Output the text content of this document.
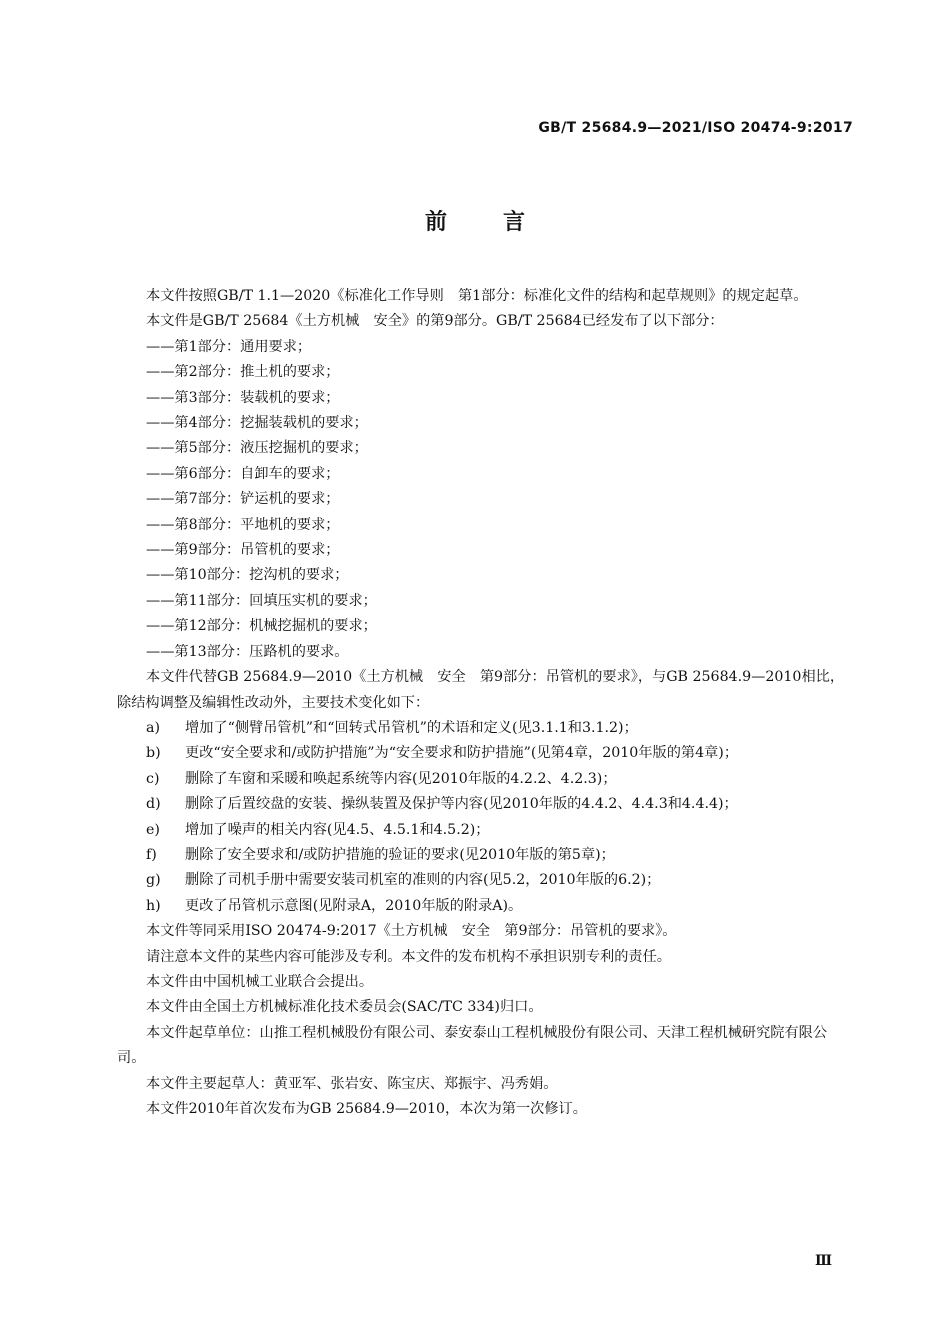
GB/T 25684.9—2021/ISO 20474-9:2017
前	言

本文件按照GB/T 1.1—2020《标准化工作导则　第1部分：标准化文件的结构和起草规则》的规定起草。

本文件是GB/T 25684《土方机械　安全》的第9部分。GB/T 25684已经发布了以下部分：

——第1部分：通用要求；

——第2部分：推土机的要求；

——第3部分：装载机的要求；

——第4部分：挖掘装载机的要求；

——第5部分：液压挖掘机的要求；

——第6部分：自卸车的要求；

——第7部分：铲运机的要求；

——第8部分：平地机的要求；

——第9部分：吊管机的要求；

——第10部分：挖沟机的要求；

——第11部分：回填压实机的要求；

——第12部分：机械挖掘机的要求；

——第13部分：压路机的要求。

本文件代替GB 25684.9—2010《土方机械　安全　第9部分：吊管机的要求》，与GB 25684.9—2010相比，除结构调整及编辑性改动外，主要技术变化如下：

a)	增加了“侧臂吊管机”和“回转式吊管机”的术语和定义(见3.1.1和3.1.2)；
b)	更改“安全要求和/或防护措施”为“安全要求和防护措施”(见第4章，2010年版的第4章)；
c)	删除了车窗和采暖和唤起系统等内容(见2010年版的4.2.2、4.2.3)；
d)	删除了后置绞盘的安装、操纵装置及保护等内容(见2010年版的4.4.2、4.4.3和4.4.4)；
e)	增加了噪声的相关内容(见4.5、4.5.1和4.5.2)；
f)	删除了安全要求和/或防护措施的验证的要求(见2010年版的第5章)；
g)	删除了司机手册中需要安装司机室的准则的内容(见5.2，2010年版的6.2)；
h)	更改了吊管机示意图(见附录A，2010年版的附录A)。

本文件等同采用ISO 20474-9:2017《土方机械　安全　第9部分：吊管机的要求》。

请注意本文件的某些内容可能涉及专利。本文件的发布机构不承担识别专利的责任。

本文件由中国机械工业联合会提出。

本文件由全国土方机械标准化技术委员会(SAC/TC 334)归口。

本文件起草单位：山推工程机械股份有限公司、泰安泰山工程机械股份有限公司、天津工程机械研究院有限公司。

本文件主要起草人：黄亚军、张岩安、陈宝庆、郑振宇、冯秀娟。

本文件2010年首次发布为GB 25684.9—2010，本次为第一次修订。

Ⅲ
